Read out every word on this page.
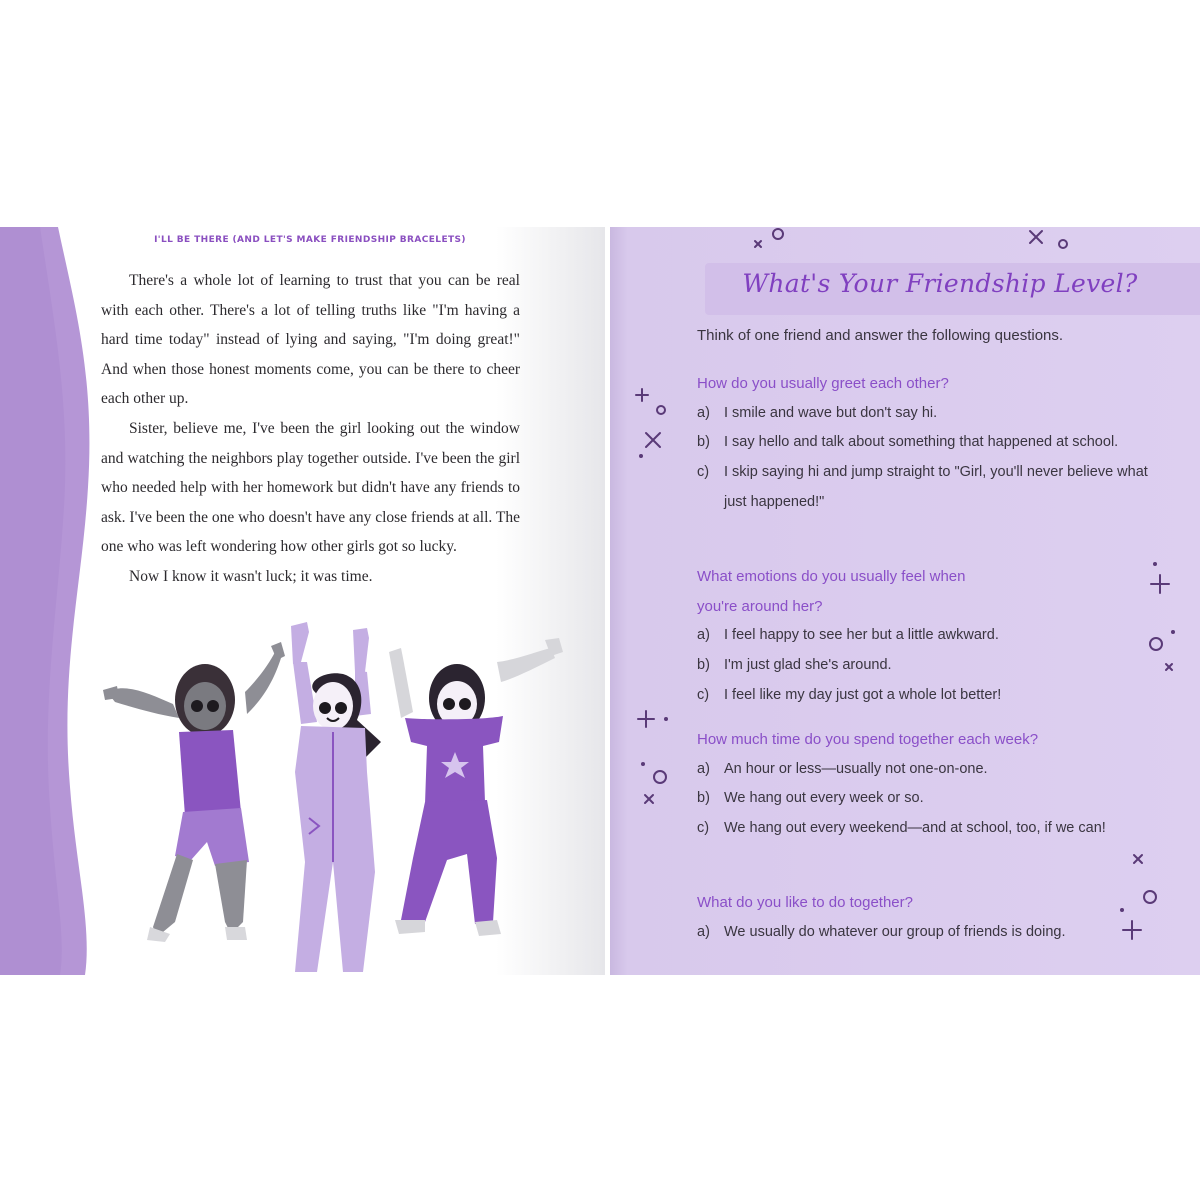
I'LL BE THERE (AND LET'S MAKE FRIENDSHIP BRACELETS)

There's a whole lot of learning to trust that you can be real with each other. There's a lot of telling truths like "I'm having a hard time today" instead of lying and saying, "I'm doing great!" And when those honest moments come, you can be there to cheer each other up.

Sister, believe me, I've been the girl looking out the window and watching the neighbors play together outside. I've been the girl who needed help with her homework but didn't have any friends to ask. I've been the one who doesn't have any close friends at all. The one who was left wondering how other girls got so lucky.

Now I know it wasn't luck; it was time.

What's Your Friendship Level?
Think of one friend and answer the following questions.

How do you usually greet each other?

a) I smile and wave but don't say hi.
b) I say hello and talk about something that happened at school.
c)	I skip saying hi and jump straight to "Girl, you'll never believe what just happened!"

What emotions do you usually feel when you're around her?

a) I feel happy to see her but a little awkward.
b) I'm just glad she's around.
c)	I feel like my day just got a whole lot better!

How much time do you spend together each week?

a) An hour or less—usually not one-on-one.
b) We hang out every week or so.
c)	We hang out every weekend—and at school, too, if we can!

What do you like to do together?

a) We usually do whatever our group of friends is doing.
